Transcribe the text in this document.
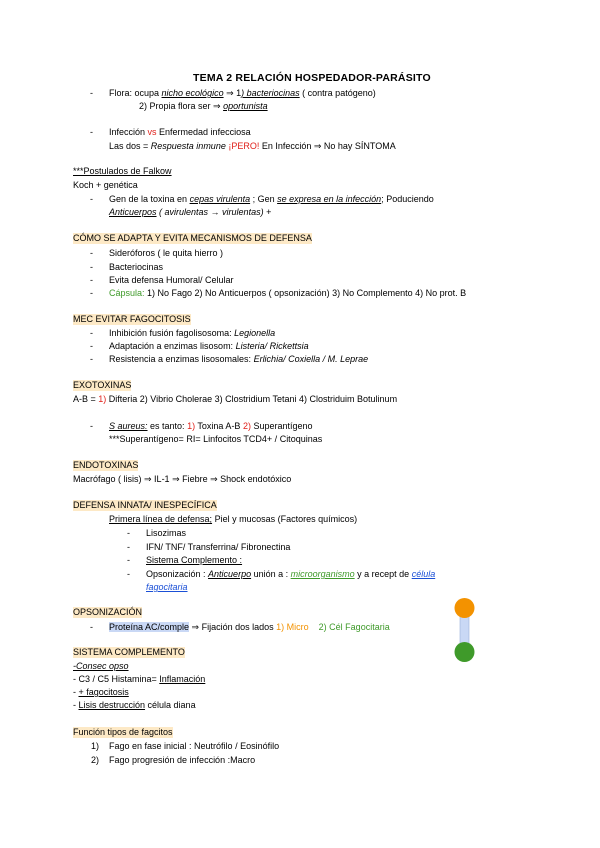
TEMA 2 RELACIÓN HOSPEDADOR-PARÁSITO
- Flora: ocupa nicho ecológico ⇒ 1) bacteriocinas ( contra patógeno)
2) Propia flora ser ⇒ oportunista
- Infección vs Enfermedad infecciosa
Las dos = Respuesta inmune ¡PERO! En Infección ⇒ No hay SÍNTOMA
***Postulados de Falkow
Koch + genética
- Gen de la toxina en cepas virulenta ; Gen se expresa en la infección; Poduciendo
Anticuerpos ( avirulentas → virulentas) +
CÓMO SE ADAPTA Y EVITA MECANISMOS DE DEFENSA
- Sideróforos ( le quita hierro )
- Bacteriocinas
- Evita defensa Humoral/ Celular
- Cápsula: 1) No Fago 2) No Anticuerpos ( opsonización) 3) No Complemento 4) No prot. B
MEC EVITAR FAGOCITOSIS
- Inhibición fusión fagolisosoma: Legionella
- Adaptación a enzimas lisosom: Listeria/ Rickettsia
- Resistencia a enzimas lisosomales: Erlichia/ Coxiella / M. Leprae
EXOTOXINAS
A-B = 1) Difteria 2) Vibrio Cholerae 3) Clostridium Tetani 4) Clostriduim Botulinum
- S aureus: es tanto: 1) Toxina A-B 2) Superantígeno
***Superantígeno= RI= Linfocitos TCD4+ / Citoquinas
ENDOTOXINAS
Macrófago ( lisis) ⇒ IL-1 ⇒ Fiebre ⇒ Shock endotóxico
DEFENSA INNATA/ INESPECÍFICA
Primera línea de defensa; Piel y mucosas (Factores químicos)
- Lisozimas
- IFN/ TNF/ Transferrina/ Fibronectina
- Sistema Complemento :
- Opsonización : Anticuerpo unión a : microorganismo y a recept de célula
fagocitaria
OPSONIZACIÓN
- Proteína AC/comple ⇒ Fijación dos lados 1) Micro 2) Cél Fagocitaria
SISTEMA COMPLEMENTO
-Consec opso
- C3 / C5 Histamina= Inflamación
- + fagocitosis
- Lisis destrucción célula diana
Función tipos de fagcitos
1) Fago en fase inicial : Neutrófilo / Eosinófilo
2) Fago progresión de infección :Macro
